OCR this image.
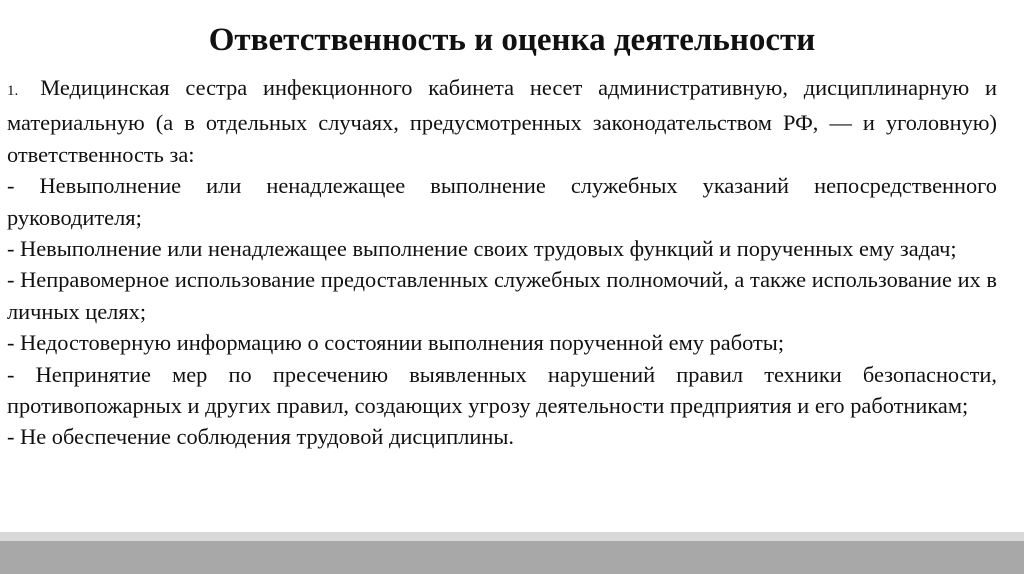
Ответственность и оценка деятельности

1. Медицинская сестра инфекционного кабинета несет административную, дисциплинарную и материальную (а в отдельных случаях, предусмотренных законодательством РФ, — и уголовную) ответственность за:

- Невыполнение или ненадлежащее выполнение служебных указаний непосредственного руководителя;

- Невыполнение или ненадлежащее выполнение своих трудовых функций и порученных ему задач;

- Неправомерное использование предоставленных служебных полномочий, а также использование их в личных целях;

- Недостоверную информацию о состоянии выполнения порученной ему работы;

- Непринятие мер по пресечению выявленных нарушений правил техники безопасности, противопожарных и других правил, создающих угрозу деятельности предприятия и его работникам;

- Не обеспечение соблюдения трудовой дисциплины.
